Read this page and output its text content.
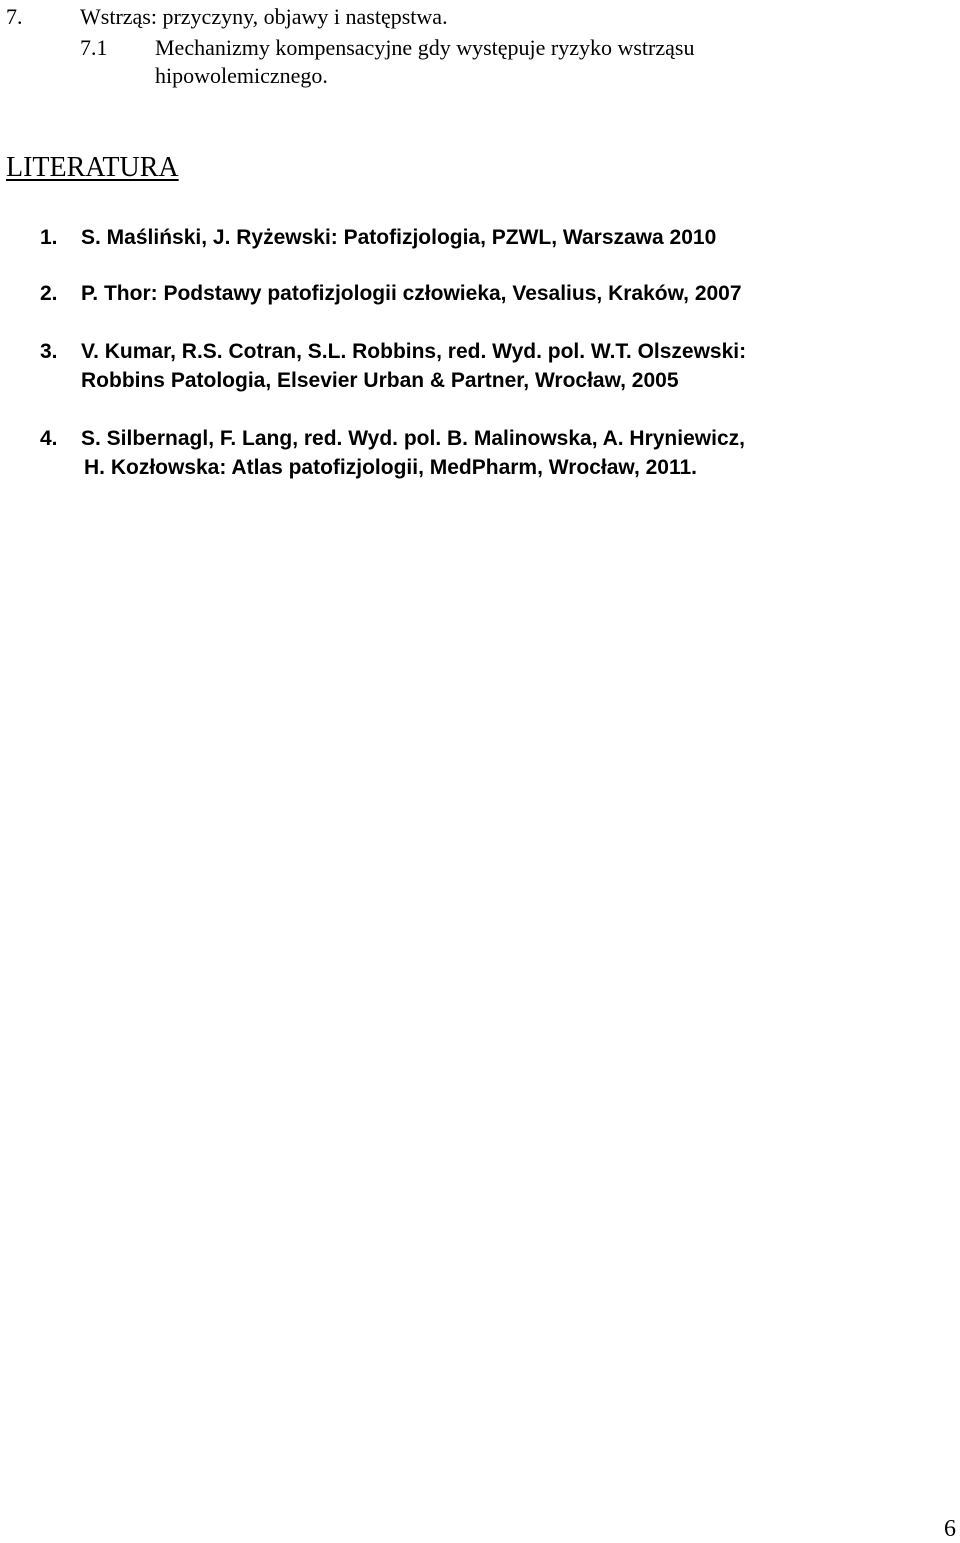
7.	Wstrząs: przyczyny, objawy i następstwa.
7.1 Mechanizmy kompensacyjne gdy występuje ryzyko wstrząsu
hipowolemicznego.
LITERATURA
1. S. Maśliński, J. Ryżewski: Patofizjologia, PZWL, Warszawa 2010
2. P. Thor: Podstawy patofizjologii człowieka, Vesalius, Kraków, 2007
3. V. Kumar, R.S. Cotran, S.L. Robbins, red. Wyd. pol. W.T. Olszewski:
Robbins Patologia, Elsevier Urban & Partner, Wrocław, 2005
4. S. Silbernagl, F. Lang, red. Wyd. pol. B. Malinowska, A. Hryniewicz,
H. Kozłowska: Atlas patofizjologii, MedPharm, Wrocław, 2011.
6
